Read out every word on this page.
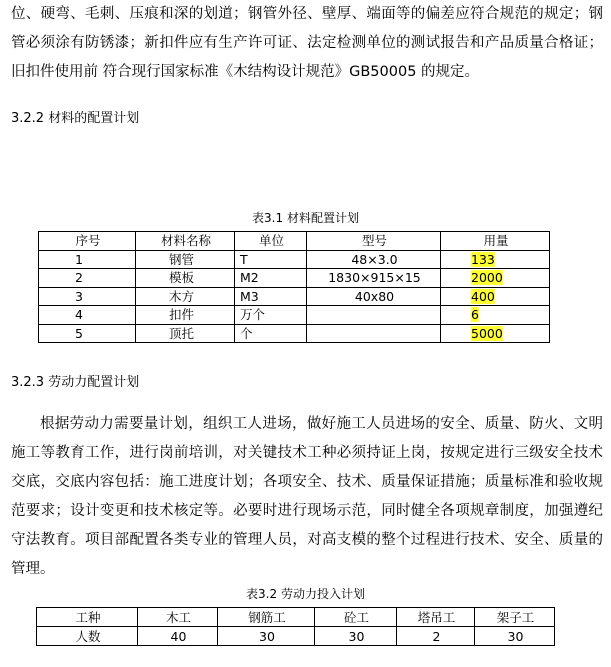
位、硬弯、毛刺、压痕和深的划道；钢管外径、壁厚、端面等的偏差应符合规范的规定；钢管必须涂有防锈漆；新扣件应有生产许可证、法定检测单位的测试报告和产品质量合格证；旧扣件使用前 符合现行国家标准《木结构设计规范》GB50005 的规定。

3.2.2 材料的配置计划
表3.1 材料配置计划
序号	材料名称	单位	型号	用量
1	钢管	T	48×3.0	133
2	模板	M2	1830×915×15	2000
3	木方	M3	40x80	400
4	扣件	万个		6
5	顶托	个		5000
3.2.3 劳动力配置计划

根据劳动力需要量计划，组织工人进场，做好施工人员进场的安全、质量、防火、文明施工等教育工作，进行岗前培训，对关键技术工种必须持证上岗，按规定进行三级安全技术交底，交底内容包括：施工进度计划；各项安全、技术、质量保证措施；质量标准和验收规范要求；设计变更和技术核定等。必要时进行现场示范，同时健全各项规章制度，加强遵纪守法教育。项目部配置各类专业的管理人员，对高支模的整个过程进行技术、安全、质量的管理。

表3.2 劳动力投入计划
工种	木工	钢筋工	砼工	塔吊工	架子工
人数	40	30	30	2	30
